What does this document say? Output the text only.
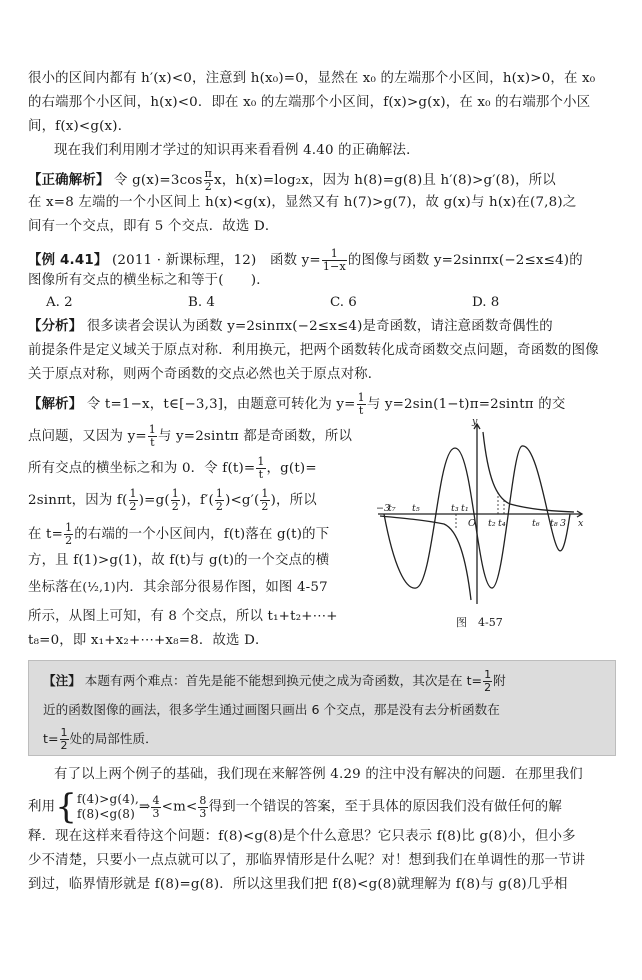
很小的区间内都有 h′(x)<0，注意到 h(x₀)=0，显然在 x₀ 的左端那个小区间，h(x)>0，在 x₀
的右端那个小区间，h(x)<0．即在 x₀ 的左端那个小区间，f(x)>g(x)，在 x₀ 的右端那个小区
间，f(x)<g(x)．
现在我们利用刚才学过的知识再来看看例 4.40 的正确解法．
【正确解析】 令 $g(x)=3\cos \frac{\pi}{2}$ x，h(x)=log₂x，因为 h(8)=g(8)且 h′(8)>g′(8)，所以
在 x=8 左端的一个小区间上 h(x)<g(x)，显然又有 h(7)>g(7)，故 g(x)与 h(x)在(7,8)之
间有一个交点，即有 5 个交点．故选 D．
【例 4.41】 (2011 · 新课标理，12)　函数 $y= \frac{1}{1-x}$ 的图像与函数 y=2sinπx(−2≤x≤4)的
图像所有交点的横坐标之和等于(　　)．
A. 2	B. 4	C. 6	D. 8
【分析】 很多读者会误认为函数 y=2sinπx(−2≤x≤4)是奇函数，请注意函数奇偶性的
前提条件是定义域关于原点对称．利用换元，把两个函数转化成奇函数交点问题，奇函数的图像
关于原点对称，则两个奇函数的交点必然也关于原点对称．
【解析】 令 t=1−x，t∈[−3,3]，由题意可转化为 $y= \frac{1}{t}$ 与 y=2sin(1−t)π=2sintπ 的交
点问题，又因为 $y= \frac{1}{t}$ 与 y=2sintπ 都是奇函数，所以
所有交点的横坐标之和为 0．令 $f(t)= \frac{1}{t}$ ，g(t)=
2sinπt，因为 $f( \frac{1}{2} )=g( \frac{1}{2}$ )，$f'( \frac{1}{2} )<g'( \frac{1}{2}$ )，所以
在 $t= \frac{1}{2}$ 的右端的一个小区间内，f(t)落在 g(t)的下
方，且 f(1)>g(1)，故 f(t)与 g(t)的一个交点的横
坐标落在(½,1)内．其余部分很易作图，如图 4-57
所示，从图上可知，有 8 个交点，所以 t₁+t₂+⋯+
t₈=0，即 x₁+x₂+⋯+x₈=8．故选 D．
y
x
O
−3
3
t₇ t₅	t₃ t₁
t₂ t₄	t₆ t₈
图　4-57
【注】 本题有两个难点：首先是能不能想到换元使之成为奇函数，其次是在 $t= \frac{1}{2}$ 附
近的函数图像的画法，很多学生通过画图只画出 6 个交点，那是没有去分析函数在
$t= \frac{1}{2}$ 处的局部性质．
有了以上两个例子的基础，我们现在来解答例 4.29 的注中没有解决的问题．在那里我们
利用{ f(4)>g(4),
f(8)<g(8) ⇒ $\frac{4}{3} <m< \frac{8}{3}$ 得到一个错误的答案，至于具体的原因我们没有做任何的解
释．现在这样来看待这个问题：f(8)<g(8)是个什么意思？它只表示 f(8)比 g(8)小，但小多
少不清楚，只要小一点点就可以了，那临界情形是什么呢？对！想到我们在单调性的那一节讲
到过，临界情形就是 f(8)=g(8)．所以这里我们把 f(8)<g(8)就理解为 f(8)与 g(8)几乎相
